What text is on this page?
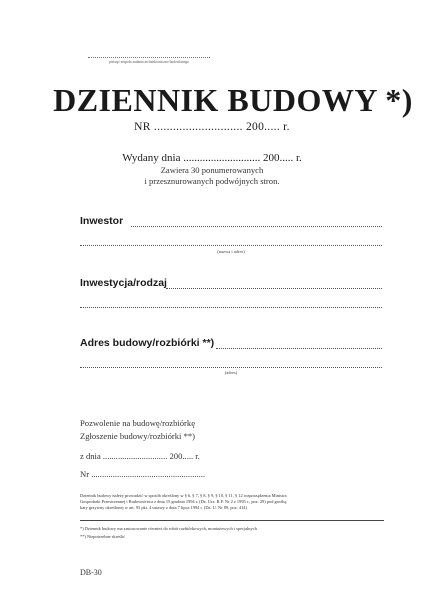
pieczęć zespołu zadania architektoniczno-budowlanego
DZIENNIK BUDOWY *)
NR ............................ 200..... r.
Wydany dnia ............................ 200..... r.
Zawiera 30 ponumerowanych
i przesznurowanych podwójnych stron.
Inwestor
(nazwa i adres)
Inwestycja/rodzaj
Adres budowy/rozbiórki **)
(adres)
Pozwolenie na budowę/rozbiórkę
Zgłoszenie budowy/rozbiórki **)
z dnia .............................. 200..... r.
Nr .....................................................
Dziennik budowy należy prowadzić w sposób określony w § 6, § 7, § 8, § 9, § 10, § 11, § 12 rozporządzenia Ministra
Gospodarki Przestrzennej i Budownictwa z dnia 15 grudnia 1994 r. (Dz. Urz. R.P. Nr 2 z 1995 r., poz. 29) pod groźbą
kary grzywny określonej w art. 93 pkt. 4 ustawy z dnia 7 lipca 1994 r. (Dz. U. Nr 89, poz. 414)
*) Dziennik budowy ma zastosowanie również do robót rozbiórkowych, montażowych i specjalnych
**) Niepotrzebne skreślić
DB-30
